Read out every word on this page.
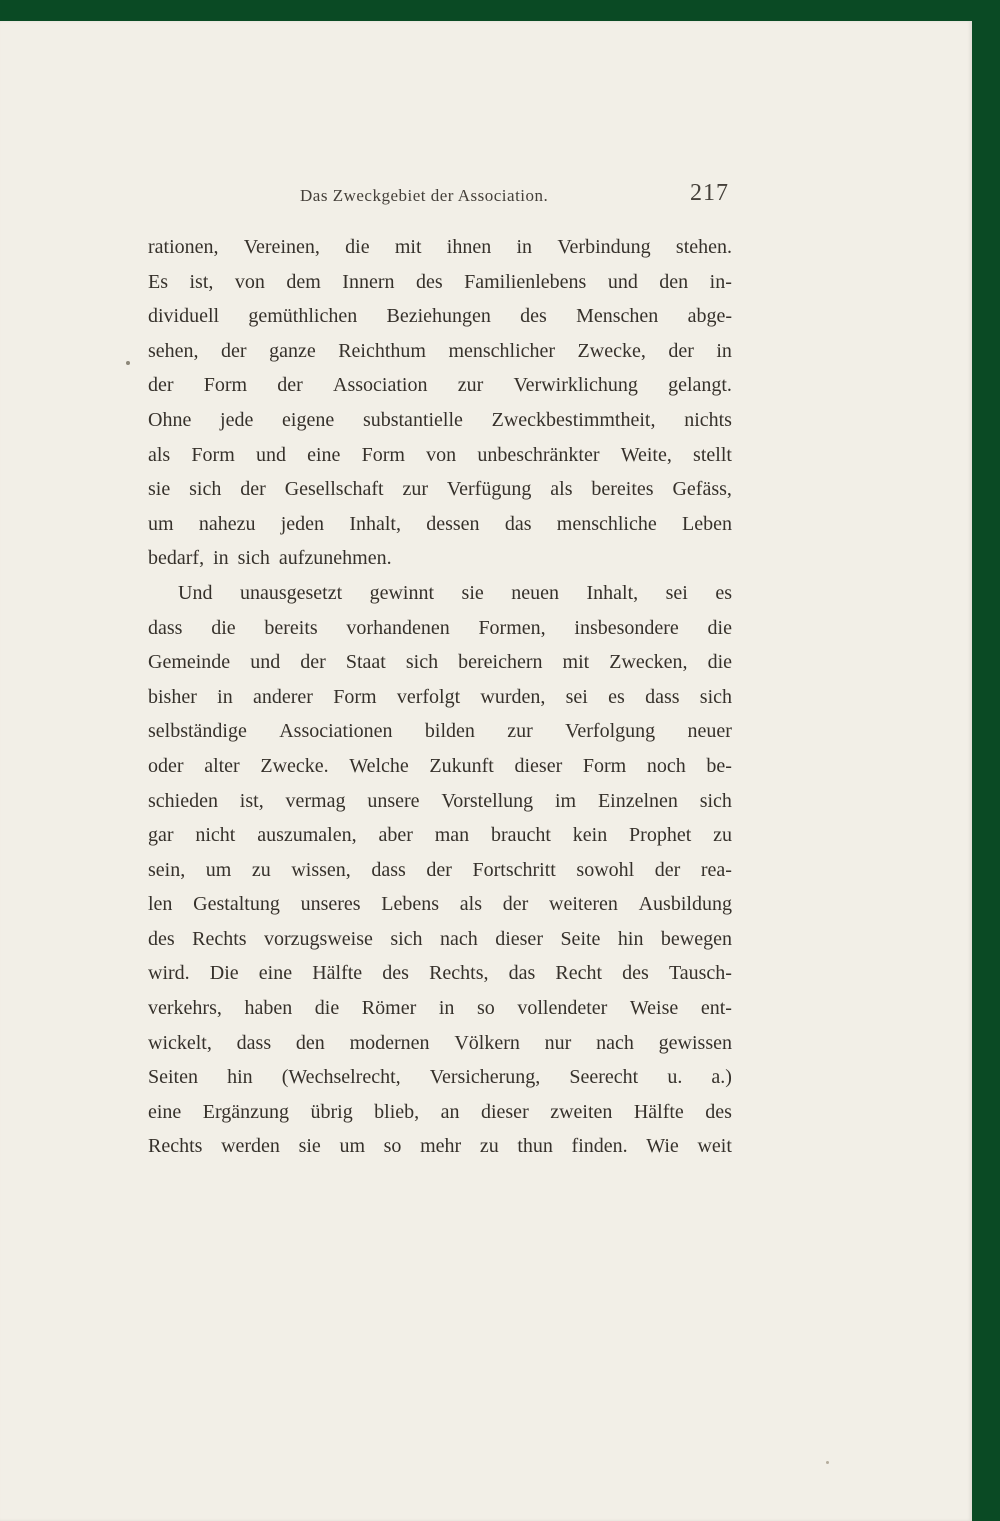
Das Zweckgebiet der Association.	217
rationen, Vereinen, die mit ihnen in Verbindung stehen.
Es ist, von dem Innern des Familienlebens und den in-
dividuell gemüthlichen Beziehungen des Menschen abge-
sehen, der ganze Reichthum menschlicher Zwecke, der in
der Form der Association zur Verwirklichung gelangt.
Ohne jede eigene substantielle Zweckbestimmtheit, nichts
als Form und eine Form von unbeschränkter Weite, stellt
sie sich der Gesellschaft zur Verfügung als bereites Gefäss,
um nahezu jeden Inhalt, dessen das menschliche Leben
bedarf, in sich aufzunehmen.
Und unausgesetzt gewinnt sie neuen Inhalt, sei es
dass die bereits vorhandenen Formen, insbesondere die
Gemeinde und der Staat sich bereichern mit Zwecken, die
bisher in anderer Form verfolgt wurden, sei es dass sich
selbständige Associationen bilden zur Verfolgung neuer
oder alter Zwecke. Welche Zukunft dieser Form noch be-
schieden ist, vermag unsere Vorstellung im Einzelnen sich
gar nicht auszumalen, aber man braucht kein Prophet zu
sein, um zu wissen, dass der Fortschritt sowohl der rea-
len Gestaltung unseres Lebens als der weiteren Ausbildung
des Rechts vorzugsweise sich nach dieser Seite hin bewegen
wird. Die eine Hälfte des Rechts, das Recht des Tausch-
verkehrs, haben die Römer in so vollendeter Weise ent-
wickelt, dass den modernen Völkern nur nach gewissen
Seiten hin (Wechselrecht, Versicherung, Seerecht u. a.)
eine Ergänzung übrig blieb, an dieser zweiten Hälfte des
Rechts werden sie um so mehr zu thun finden. Wie weit
